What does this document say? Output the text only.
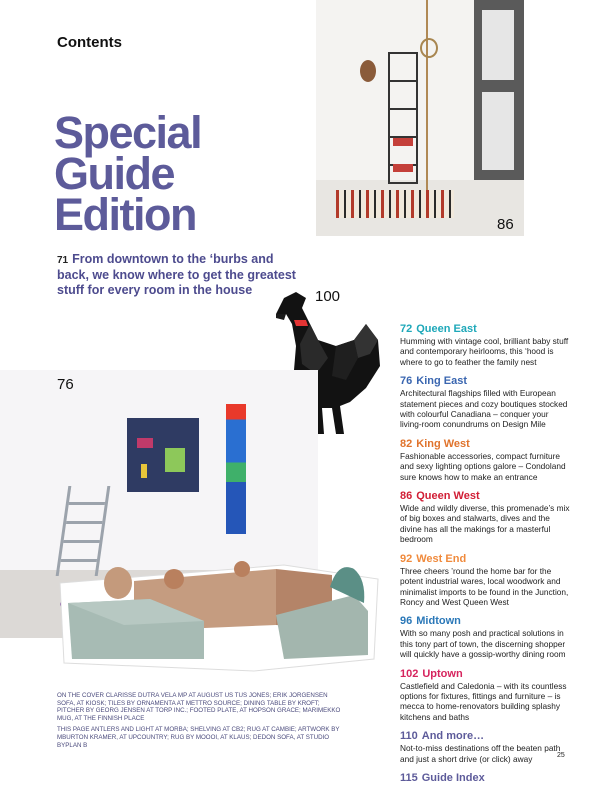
Contents
Special
Guide
Edition
71 From downtown to the ‘burbs and back, we know where to get the greatest stuff for every room in the house
86
100
76

ON THE COVER CLARISSE DUTRA VELA MP AT AUGUST US TUS JONES; ERIK JORGENSEN SOFA, AT KIOSK; TILES BY ORNAMENTA AT METTRO SOURCE; DINING TABLE BY KROFT; PITCHER BY GEORG JENSEN AT TORP INC.; FOOTED PLATE, AT HOPSON GRACE; MARIMEKKO MUG, AT THE FINNISH PLACE

THIS PAGE ANTLERS AND LIGHT AT MORBA; SHELVING AT CB2; RUG AT CAMBIE; ARTWORK BY MBURTON KRAMER, AT UPCOUNTRY; RUG BY MOOOI, AT KLAUS; DEDON SOFA, AT STUDIO BYPLAN B

72 Queen East
Humming with vintage cool, brilliant baby stuff and contemporary heirlooms, this ‘hood is where to go to feather the family nest
76 King East
Architectural flagships filled with European statement pieces and cozy boutiques stocked with colourful Canadiana – conquer your living-room conundrums on Design Mile
82 King West
Fashionable accessories, compact furniture and sexy lighting options galore – Condoland sure knows how to make an entrance
86 Queen West
Wide and wildly diverse, this promenade’s mix of big boxes and stalwarts, dives and the divine has all the makings for a masterful bedroom
92 West End
Three cheers ’round the home bar for the potent industrial wares, local woodwork and minimalist imports to be found in the Junction, Roncy and West Queen West
96 Midtown
With so many posh and practical solutions in this tony part of town, the discerning shopper will quickly have a gossip-worthy dining room
102 Uptown
Castlefield and Caledonia – with its countless options for fixtures, fittings and furniture – is mecca to home-renovators building splashy kitchens and baths
110 And more…
Not-to-miss destinations off the beaten path and just a short drive (or click) away
115 Guide Index
25
